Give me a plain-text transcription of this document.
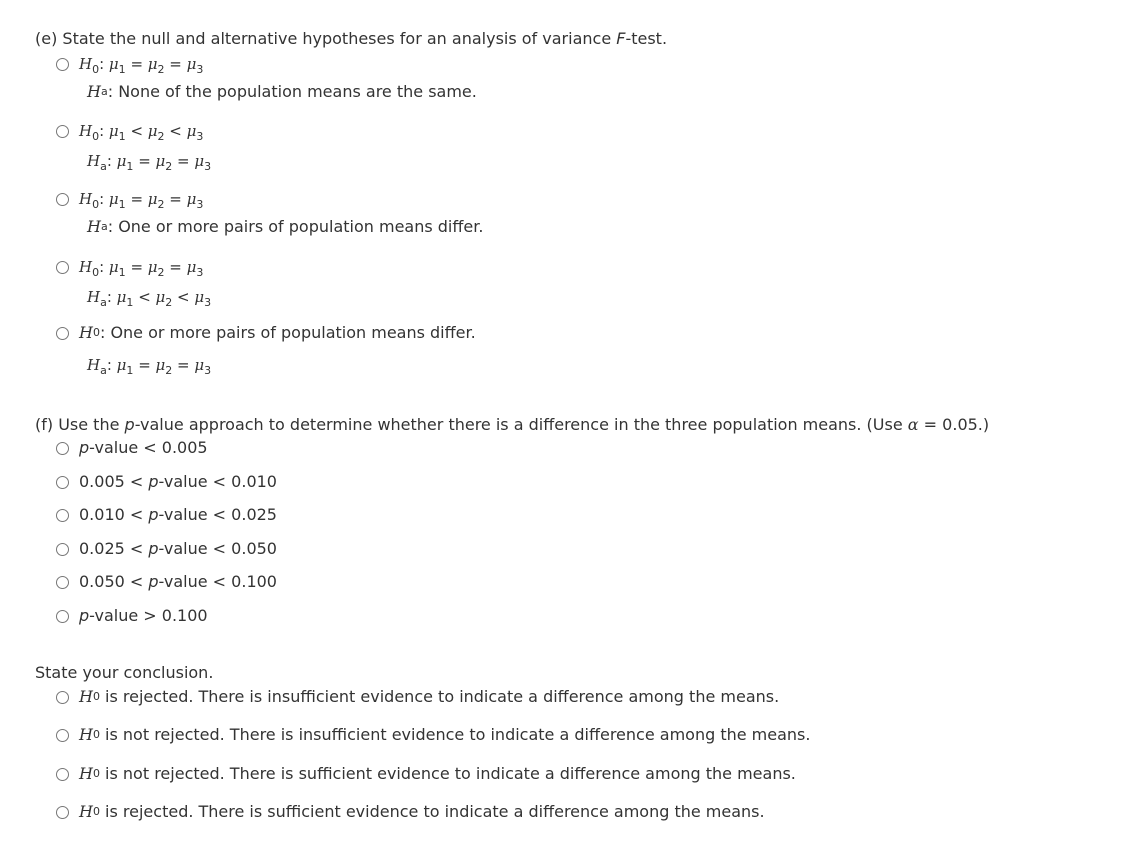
(e) State the null and alternative hypotheses for an analysis of variance F-test.
$H_0$: $\mu_1 = \mu_2 = \mu_3$
H a : None of the population means are the same.
$H_0$: $\mu_1 < \mu_2 < \mu_3$
$H_a$: $\mu_1 = \mu_2 = \mu_3$
$H_0$: $\mu_1 = \mu_2 = \mu_3$
H a : One or more pairs of population means differ.
$H_0$: $\mu_1 = \mu_2 = \mu_3$
$H_a$: $\mu_1 < \mu_2 < \mu_3$
H 0 : One or more pairs of population means differ.
$H_a$: $\mu_1 = \mu_2 = \mu_3$
(f) Use the p-value approach to determine whether there is a difference in the three population means. (Use α = 0.05.)
p-value < 0.005
0.005 < p-value < 0.010
0.010 < p-value < 0.025
0.025 < p-value < 0.050
0.050 < p-value < 0.100
p-value > 0.100
State your conclusion.
H 0
is rejected. There is insufficient evidence to indicate a difference among the means.
H 0
is not rejected. There is insufficient evidence to indicate a difference among the means.
H 0
is not rejected. There is sufficient evidence to indicate a difference among the means.
H 0
is rejected. There is sufficient evidence to indicate a difference among the means.
